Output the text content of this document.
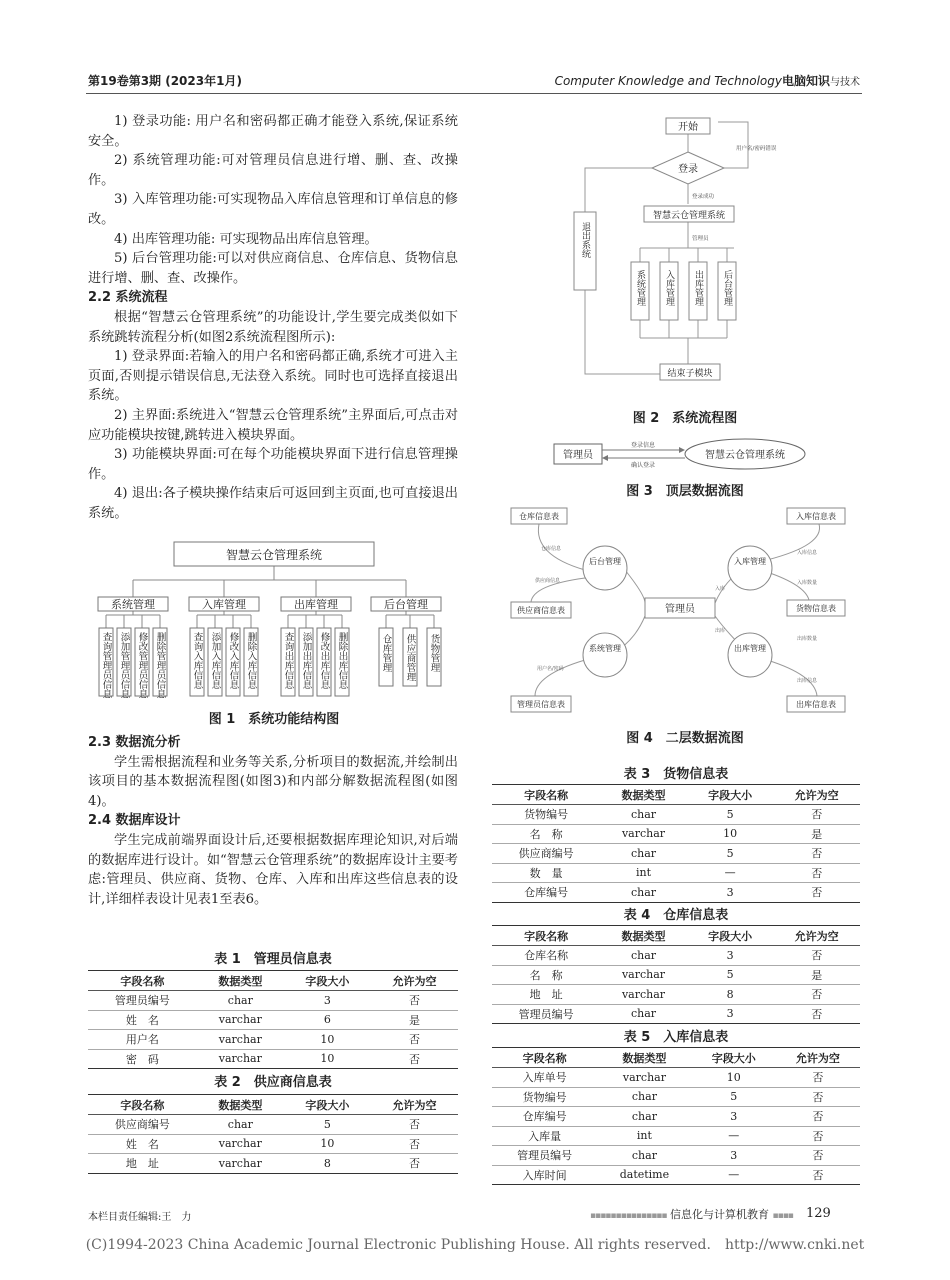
第19卷第3期 (2023年1月)	Computer Knowledge and Technology电脑知识与技术

1) 登录功能: 用户名和密码都正确才能登入系统,保证系统安全。

2) 系统管理功能:可对管理员信息进行增、删、查、改操作。

3) 入库管理功能:可实现物品入库信息管理和订单信息的修改。

4) 出库管理功能: 可实现物品出库信息管理。

5) 后台管理功能:可以对供应商信息、仓库信息、货物信息进行增、删、查、改操作。

2.2 系统流程

根据“智慧云仓管理系统”的功能设计,学生要完成类似如下系统跳转流程分析(如图2系统流程图所示):

1) 登录界面:若输入的用户名和密码都正确,系统才可进入主页面,否则提示错误信息,无法登入系统。同时也可选择直接退出系统。

2) 主界面:系统进入“智慧云仓管理系统”主界面后,可点击对应功能模块按键,跳转进入模块界面。

3) 功能模块界面:可在每个功能模块界面下进行信息管理操作。

4) 退出:各子模块操作结束后可返回到主页面,也可直接退出系统。

智慧云仓管理系统
系统管理	入库管理	出库管理	后台管理
查询管理员信息 添加管理员信息 修改管理员信息 删除管理员信息	查询入库信息 添加入库信息 修改入库信息 删除入库信息	查询出库信息 添加出库信息 修改出库信息 删除出库信息	仓库管理 供应商管理 货物管理
图 1　系统功能结构图

2.3 数据流分析

学生需根据流程和业务等关系,分析项目的数据流,并绘制出该项目的基本数据流程图(如图3)和内部分解数据流程图(如图4)。

2.4 数据库设计

学生完成前端界面设计后,还要根据数据库理论知识,对后端的数据库进行设计。如“智慧云仓管理系统”的数据库设计主要考虑:管理员、供应商、货物、仓库、入库和出库这些信息表的设计,详细样表设计见表1至表6。

表 1　管理员信息表
字段名称	数据类型	字段大小	允许为空
管理员编号	char	3	否
姓　名	varchar	6	是
用户名	varchar	10	否
密　码	varchar	10	否
表 2　供应商信息表
字段名称	数据类型	字段大小	允许为空
供应商编号	char	5	否
姓　名	varchar	10	否
地　址	varchar	8	否
开始
登录
用户名/密码错误
登录成功
智慧云仓管理系统
管理员
退出系统
系统管理 入库管理 出库管理 后台管理
结束子模块
图 2　系统流程图
管理员	智慧云仓管理系统
登录信息
确认登录
图 3　顶层数据流图
管理员
后台管理	入库管理
系统管理	出库管理
仓库信息表	入库信息表
供应商信息表	货物信息表
管理员信息表	出库信息表
仓库信息
供应商信息
入库信息
入库数量
入库
出库
出库数量
出库信息
用户名/密码
图 4　二层数据流图
表 3　货物信息表
字段名称	数据类型	字段大小	允许为空
货物编号	char	5	否
名　称	varchar	10	是
供应商编号	char	5	否
数　量	int	—	否
仓库编号	char	3	否
表 4　仓库信息表
字段名称	数据类型	字段大小	允许为空
仓库名称	char	3	否
名　称	varchar	5	是
地　址	varchar	8	否
管理员编号	char	3	否
表 5　入库信息表
字段名称	数据类型	字段大小	允许为空
入库单号	varchar	10	否
货物编号	char	5	否
仓库编号	char	3	否
入库量	int	—	否
管理员编号	char	3	否
入库时间	datetime	—	否
本栏目责任编辑:王　力	▪▪▪▪▪▪▪▪▪▪▪▪▪▪▪ 信息化与计算机教育 ▪▪▪▪ 129
(C)1994-2023 China Academic Journal Electronic Publishing House. All rights reserved.　http://www.cnki.net
